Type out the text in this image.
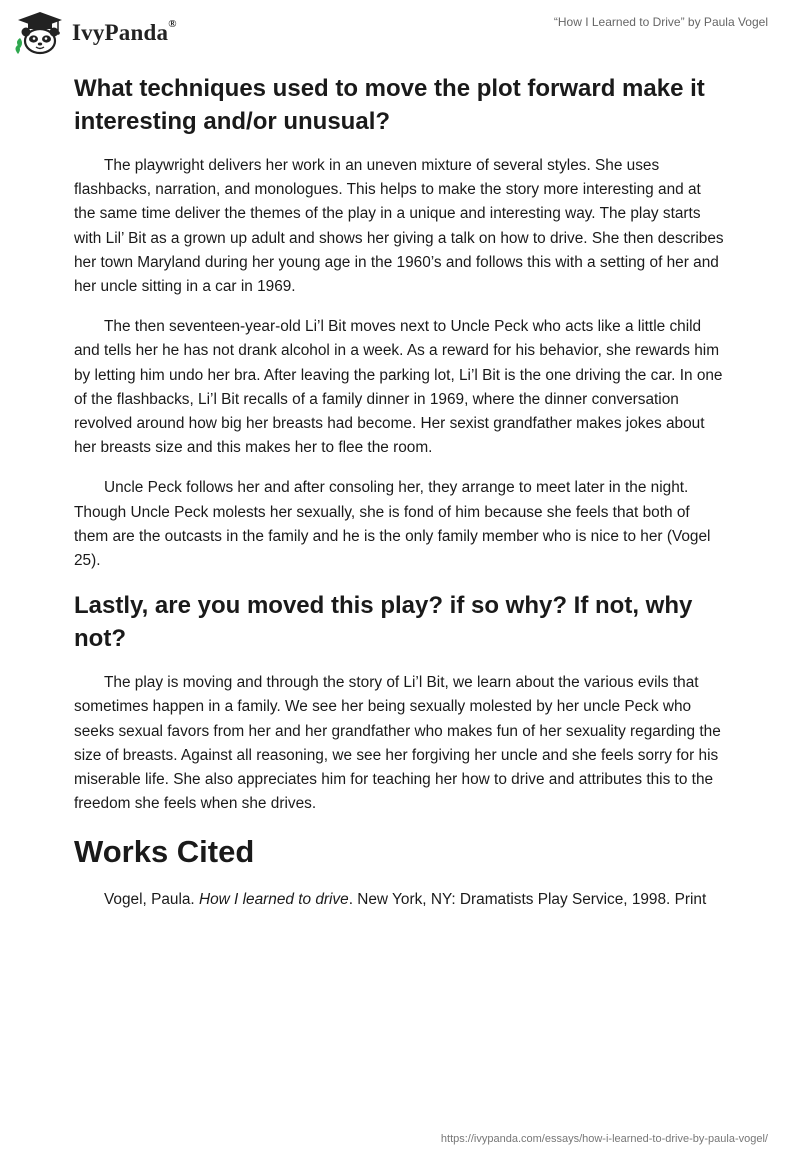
IvyPanda®	“How I Learned to Drive” by Paula Vogel
What techniques used to move the plot forward make it interesting and/or unusual?

The playwright delivers her work in an uneven mixture of several styles. She uses flashbacks, narration, and monologues. This helps to make the story more interesting and at the same time deliver the themes of the play in a unique and interesting way. The play starts with Lil’ Bit as a grown up adult and shows her giving a talk on how to drive. She then describes her town Maryland during her young age in the 1960’s and follows this with a setting of her and her uncle sitting in a car in 1969.

The then seventeen-year-old Li’l Bit moves next to Uncle Peck who acts like a little child and tells her he has not drank alcohol in a week. As a reward for his behavior, she rewards him by letting him undo her bra. After leaving the parking lot, Li’l Bit is the one driving the car. In one of the flashbacks, Li’l Bit recalls of a family dinner in 1969, where the dinner conversation revolved around how big her breasts had become. Her sexist grandfather makes jokes about her breasts size and this makes her to flee the room.

Uncle Peck follows her and after consoling her, they arrange to meet later in the night. Though Uncle Peck molests her sexually, she is fond of him because she feels that both of them are the outcasts in the family and he is the only family member who is nice to her (Vogel 25).

Lastly, are you moved this play? if so why? If not, why not?

The play is moving and through the story of Li’l Bit, we learn about the various evils that sometimes happen in a family. We see her being sexually molested by her uncle Peck who seeks sexual favors from her and her grandfather who makes fun of her sexuality regarding the size of breasts. Against all reasoning, we see her forgiving her uncle and she feels sorry for his miserable life. She also appreciates him for teaching her how to drive and attributes this to the freedom she feels when she drives.

Works Cited

Vogel, Paula. How I learned to drive. New York, NY: Dramatists Play Service, 1998. Print

https://ivypanda.com/essays/how-i-learned-to-drive-by-paula-vogel/
